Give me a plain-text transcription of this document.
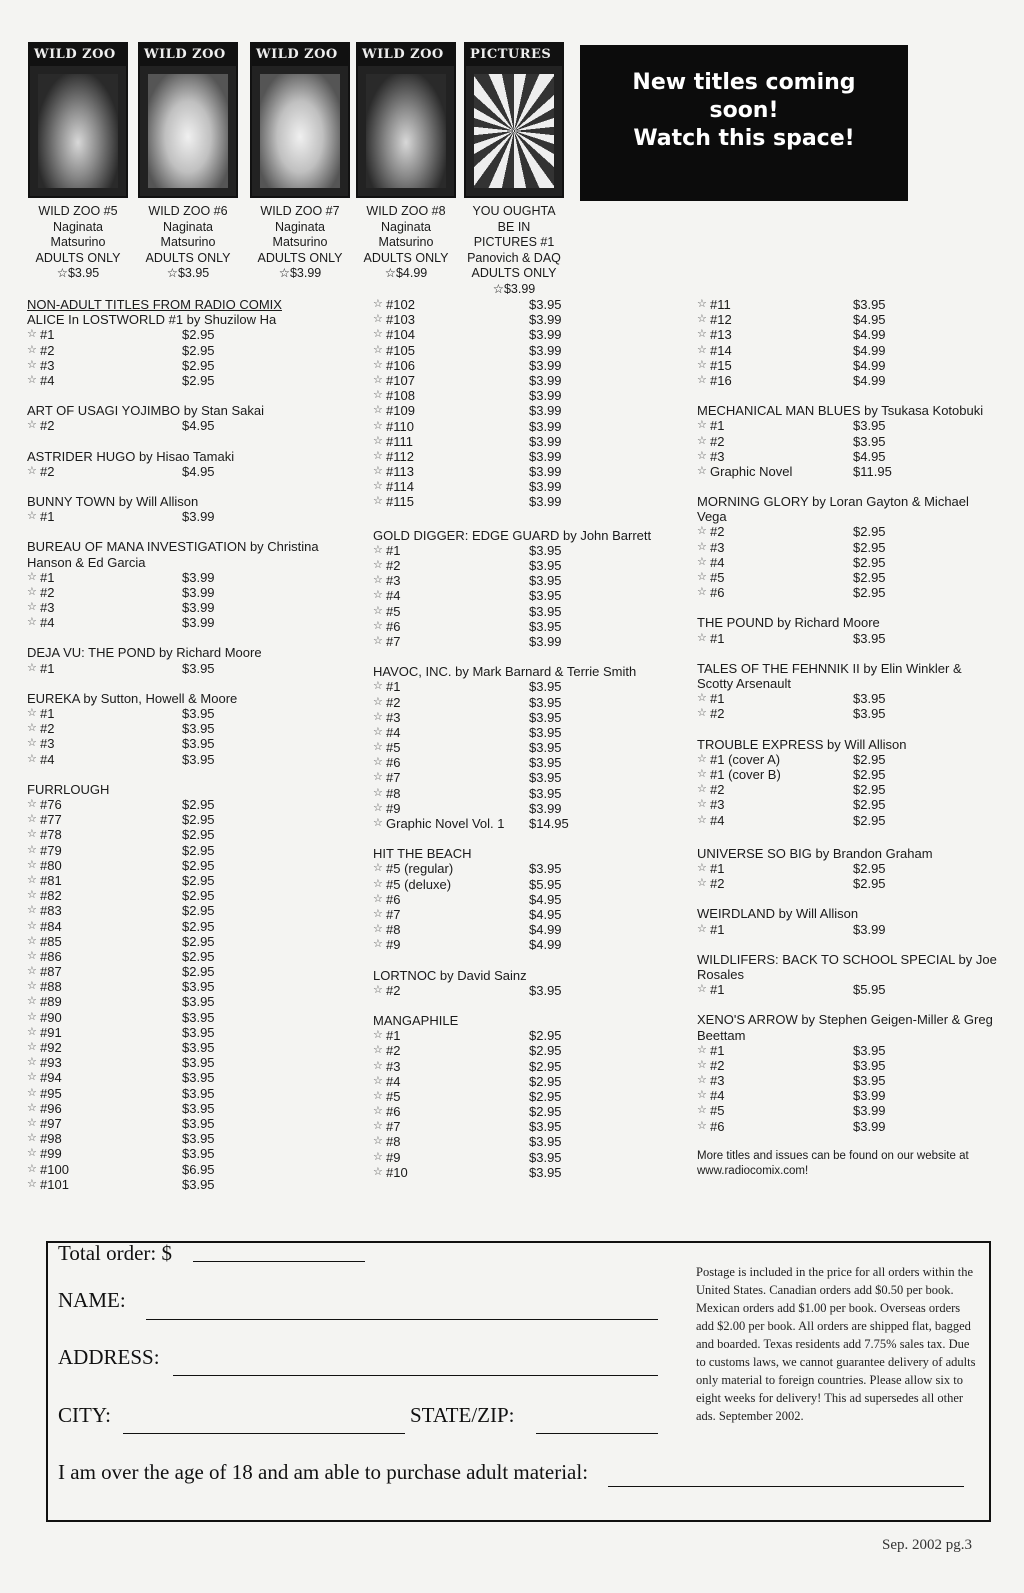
WILD ZOO
WILD ZOO #5
Naginata
Matsurino
ADULTS ONLY
☆$3.95
WILD ZOO
WILD ZOO #6
Naginata
Matsurino
ADULTS ONLY
☆$3.95
WILD ZOO
WILD ZOO #7
Naginata
Matsurino
ADULTS ONLY
☆$3.99
WILD ZOO
WILD ZOO #8
Naginata
Matsurino
ADULTS ONLY
☆$4.99
PICTURES
YOU OUGHTA
BE IN
PICTURES #1
Panovich & DAQ
ADULTS ONLY
☆$3.99
New titles coming
soon!
Watch this space!
NON-ADULT TITLES FROM RADIO COMIX
ALICE In LOSTWORLD #1 by Shuzilow Ha
☆ #1	$2.95
☆ #2	$2.95
☆ #3	$2.95
☆ #4	$2.95
ART OF USAGI YOJIMBO by Stan Sakai
☆ #2	$4.95
ASTRIDER HUGO by Hisao Tamaki
☆ #2	$4.95
BUNNY TOWN by Will Allison
☆ #1	$3.99
BUREAU OF MANA INVESTIGATION by Christina Hanson & Ed Garcia
☆ #1	$3.99
☆ #2	$3.99
☆ #3	$3.99
☆ #4	$3.99
DEJA VU: THE POND by Richard Moore
☆ #1	$3.95
EUREKA by Sutton, Howell & Moore
☆ #1	$3.95
☆ #2	$3.95
☆ #3	$3.95
☆ #4	$3.95
FURRLOUGH
☆ #76	$2.95
☆ #77	$2.95
☆ #78	$2.95
☆ #79	$2.95
☆ #80	$2.95
☆ #81	$2.95
☆ #82	$2.95
☆ #83	$2.95
☆ #84	$2.95
☆ #85	$2.95
☆ #86	$2.95
☆ #87	$2.95
☆ #88	$3.95
☆ #89	$3.95
☆ #90	$3.95
☆ #91	$3.95
☆ #92	$3.95
☆ #93	$3.95
☆ #94	$3.95
☆ #95	$3.95
☆ #96	$3.95
☆ #97	$3.95
☆ #98	$3.95
☆ #99	$3.95
☆ #100	$6.95
☆ #101	$3.95
☆ #102	$3.95
☆ #103	$3.99
☆ #104	$3.99
☆ #105	$3.99
☆ #106	$3.99
☆ #107	$3.99
☆ #108	$3.99
☆ #109	$3.99
☆ #110	$3.99
☆ #111	$3.99
☆ #112	$3.99
☆ #113	$3.99
☆ #114	$3.99
☆ #115	$3.99
GOLD DIGGER: EDGE GUARD by John Barrett
☆ #1	$3.95
☆ #2	$3.95
☆ #3	$3.95
☆ #4	$3.95
☆ #5	$3.95
☆ #6	$3.95
☆ #7	$3.99
HAVOC, INC. by Mark Barnard & Terrie Smith
☆ #1	$3.95
☆ #2	$3.95
☆ #3	$3.95
☆ #4	$3.95
☆ #5	$3.95
☆ #6	$3.95
☆ #7	$3.95
☆ #8	$3.95
☆ #9	$3.99
☆ Graphic Novel Vol. 1	$14.95
HIT THE BEACH
☆ #5 (regular)	$3.95
☆ #5 (deluxe)	$5.95
☆ #6	$4.95
☆ #7	$4.95
☆ #8	$4.99
☆ #9	$4.99
LORTNOC by David Sainz
☆ #2	$3.95
MANGAPHILE
☆ #1	$2.95
☆ #2	$2.95
☆ #3	$2.95
☆ #4	$2.95
☆ #5	$2.95
☆ #6	$2.95
☆ #7	$3.95
☆ #8	$3.95
☆ #9	$3.95
☆ #10	$3.95
☆ #11	$3.95
☆ #12	$4.95
☆ #13	$4.99
☆ #14	$4.99
☆ #15	$4.99
☆ #16	$4.99
MECHANICAL MAN BLUES by Tsukasa Kotobuki
☆ #1	$3.95
☆ #2	$3.95
☆ #3	$4.95
☆ Graphic Novel	$11.95
MORNING GLORY by Loran Gayton & Michael Vega
☆ #2	$2.95
☆ #3	$2.95
☆ #4	$2.95
☆ #5	$2.95
☆ #6	$2.95
THE POUND by Richard Moore
☆ #1	$3.95
TALES OF THE FEHNNIK II by Elin Winkler & Scotty Arsenault
☆ #1	$3.95
☆ #2	$3.95
TROUBLE EXPRESS by Will Allison
☆ #1 (cover A)	$2.95
☆ #1 (cover B)	$2.95
☆ #2	$2.95
☆ #3	$2.95
☆ #4	$2.95
UNIVERSE SO BIG by Brandon Graham
☆ #1	$2.95
☆ #2	$2.95
WEIRDLAND by Will Allison
☆ #1	$3.99
WILDLIFERS: BACK TO SCHOOL SPECIAL by Joe Rosales
☆ #1	$5.95
XENO'S ARROW by Stephen Geigen-Miller & Greg Beettam
☆ #1	$3.95
☆ #2	$3.95
☆ #3	$3.95
☆ #4	$3.99
☆ #5	$3.99
☆ #6	$3.99
More titles and issues can be found on our website at www.radiocomix.com!
Total order: $
NAME:
ADDRESS:
CITY:	STATE/ZIP:
I am over the age of 18 and am able to purchase adult material:
Postage is included in the price for all orders within the United States. Canadian orders add $0.50 per book. Mexican orders add $1.00 per book. Overseas orders add $2.00 per book. All orders are shipped flat, bagged and boarded. Texas residents add 7.75% sales tax. Due to customs laws, we cannot guarantee delivery of adults only material to foreign countries. Please allow six to eight weeks for delivery! This ad supersedes all other ads. September 2002.
Sep. 2002 pg.3
